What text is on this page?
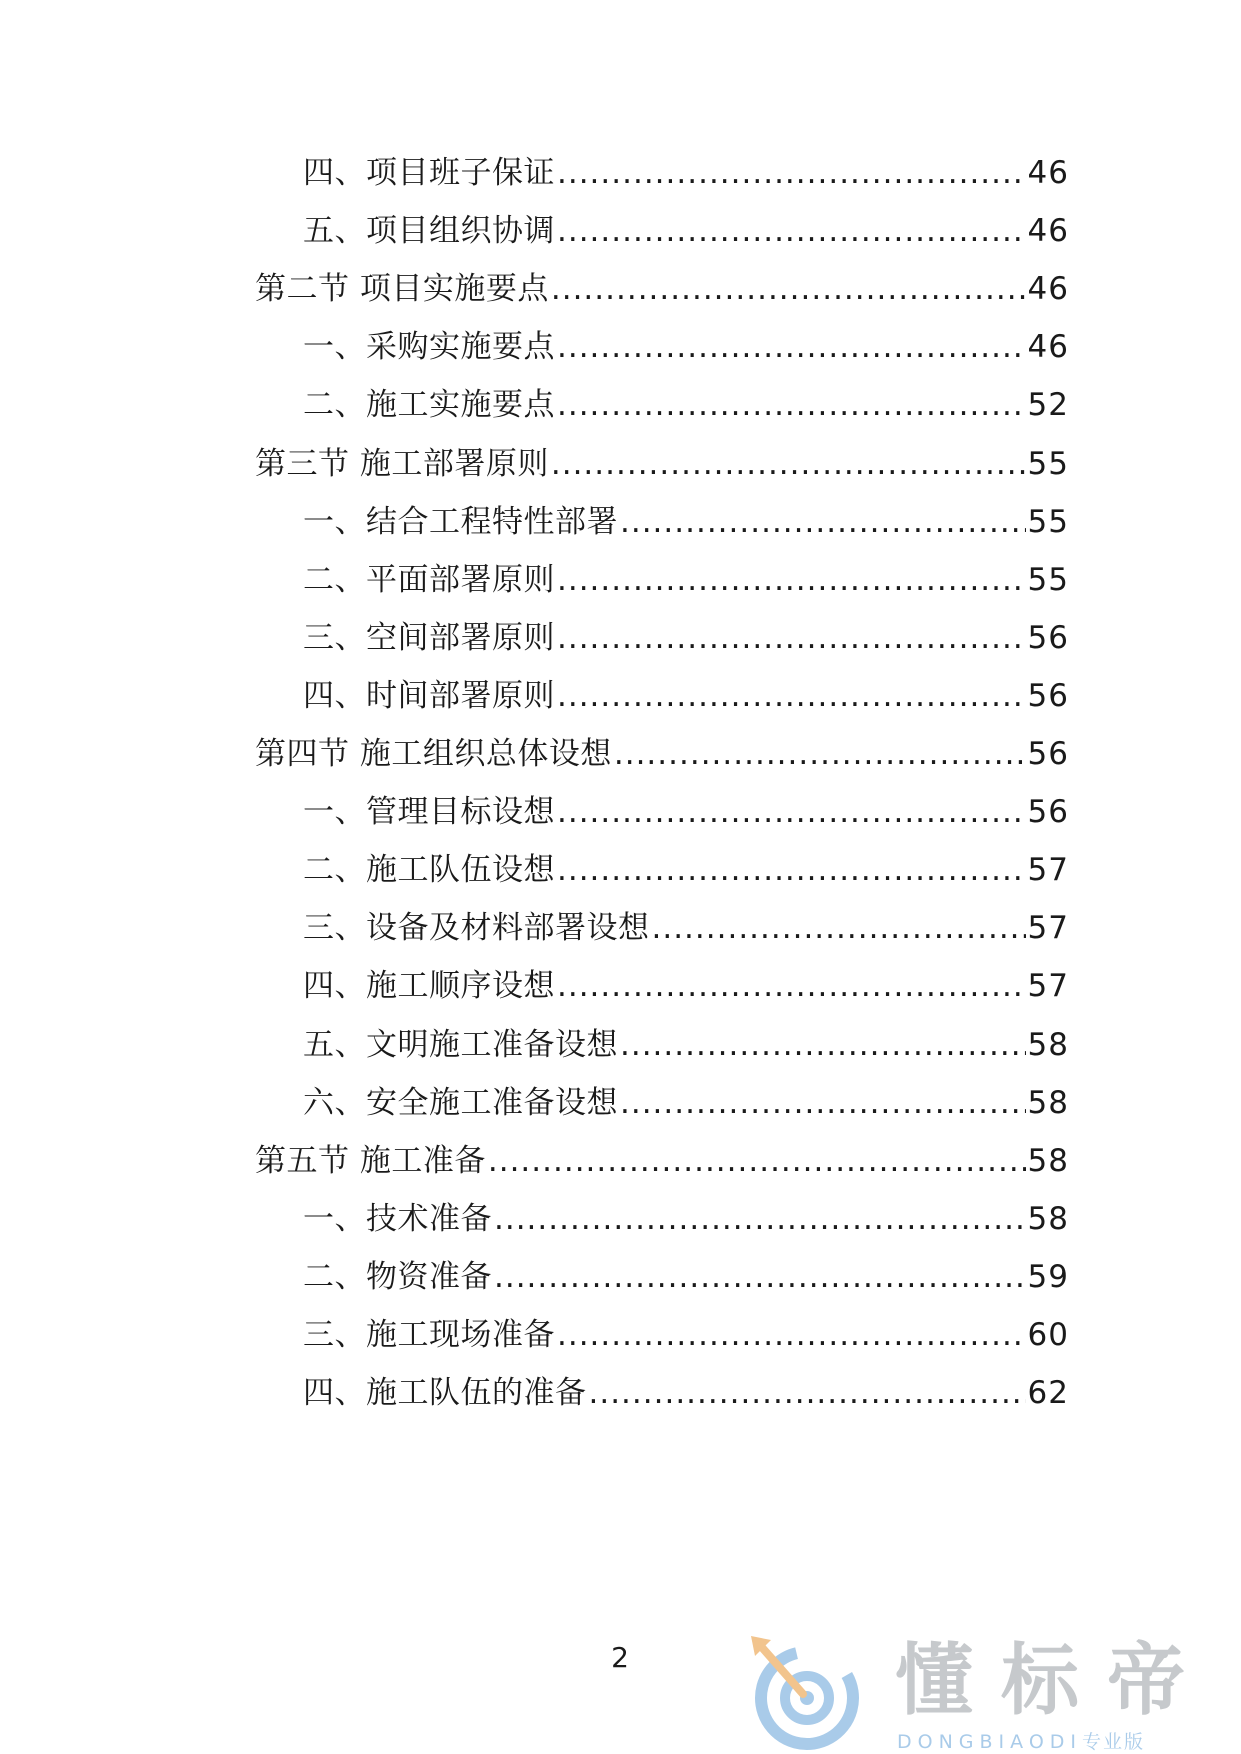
四、项目班子保证 .....	46
五、项目组织协调 .....	46
第二节 项目实施要点 .....	46
一、采购实施要点 .....	46
二、施工实施要点 .....	52
第三节 施工部署原则 .....	55
一、结合工程特性部署 .....	55
二、平面部署原则 .....	55
三、空间部署原则 .....	56
四、时间部署原则 .....	56
第四节 施工组织总体设想 .....	56
一、管理目标设想 .....	56
二、施工队伍设想 .....	57
三、设备及材料部署设想 .....	57
四、施工顺序设想 .....	57
五、文明施工准备设想 .....	58
六、安全施工准备设想 .....	58
第五节 施工准备 .....	58
一、技术准备 .....	58
二、物资准备 .....	59
三、施工现场准备 .....	60
四、施工队伍的准备 .....	62
2	懂标帝
DONGBIAODI专业版
